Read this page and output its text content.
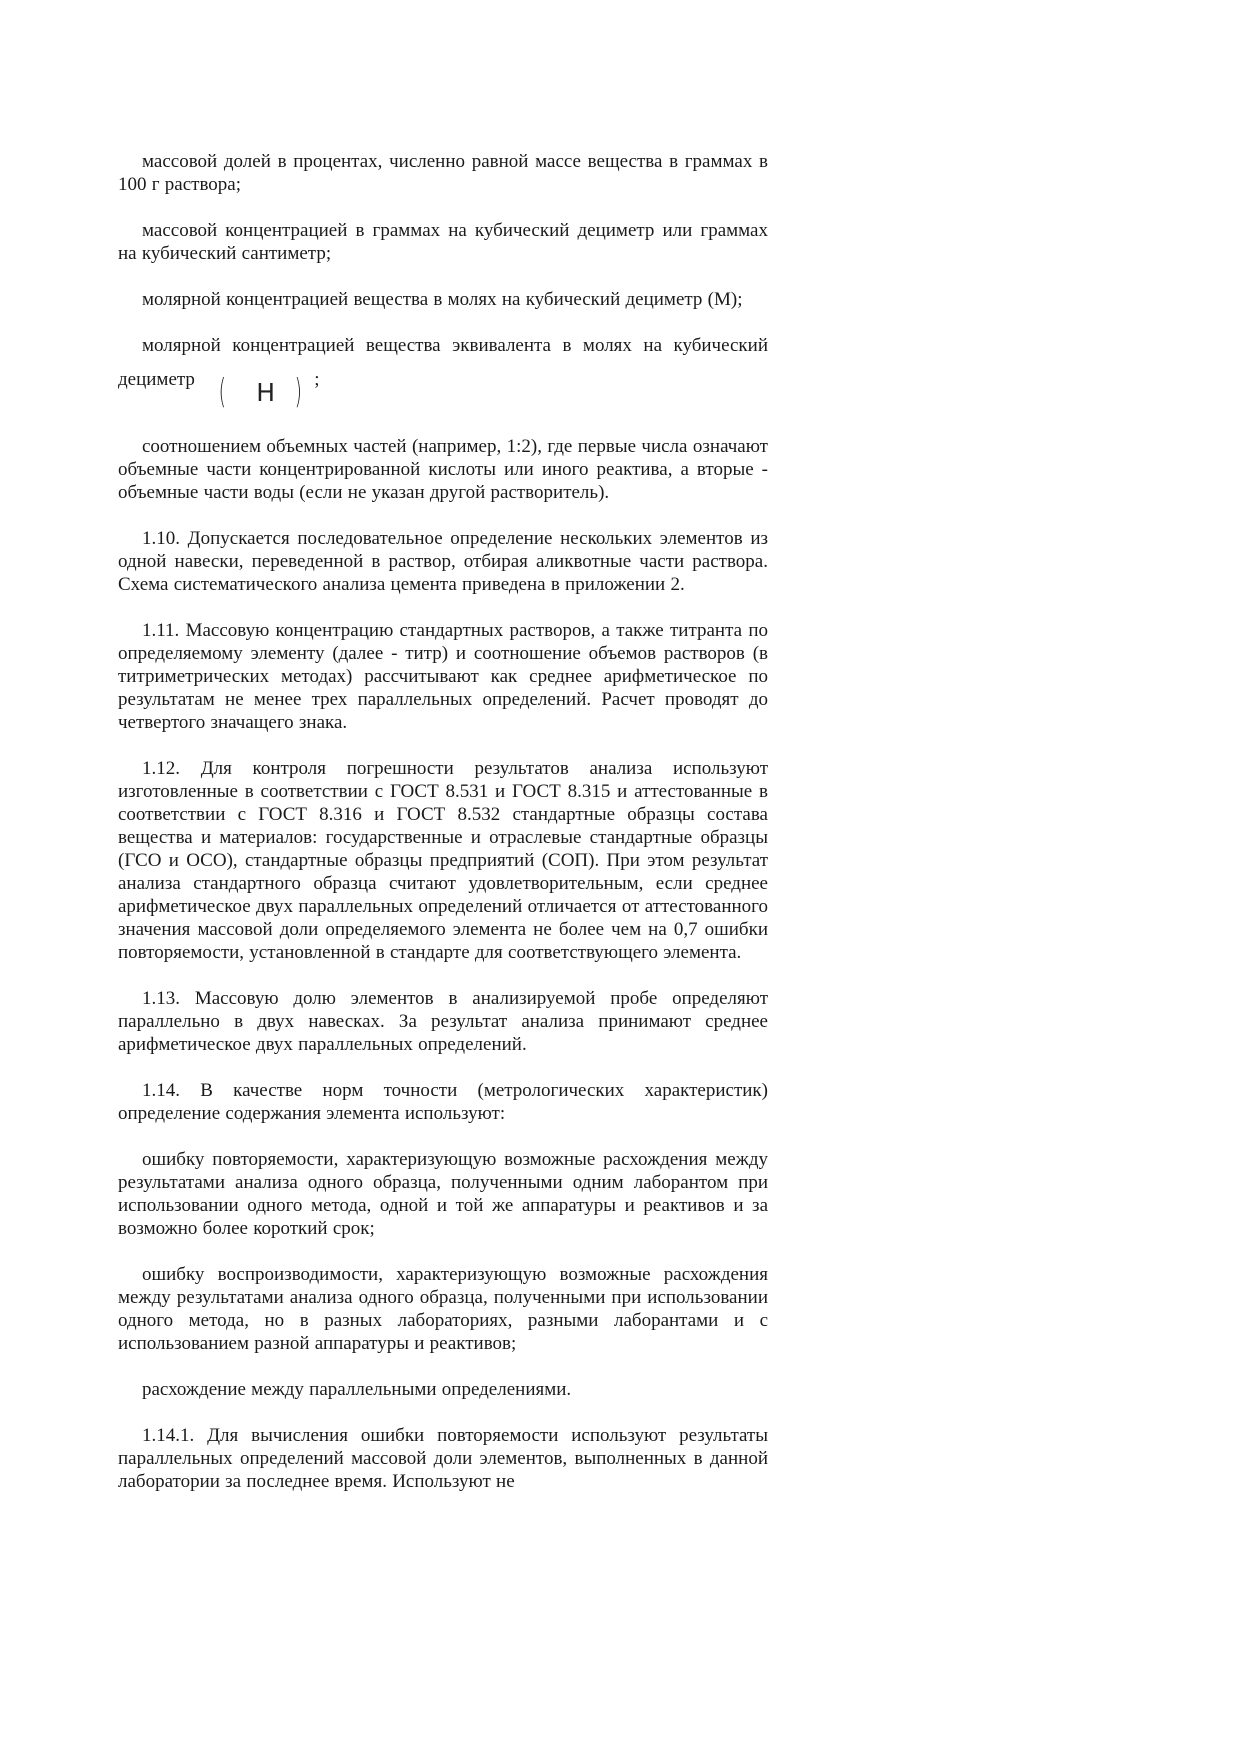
массовой долей в процентах, численно равной массе вещества в граммах в 100 г раствора;

массовой концентрацией в граммах на кубический дециметр или граммах на кубический сантиметр;

молярной концентрацией вещества в молях на кубический дециметр (М);

молярной концентрацией вещества эквивалента в молях на кубический дециметр (	Н ) ;

соотношением объемных частей (например, 1:2), где первые числа означают объемные части концентрированной кислоты или иного реактива, а вторые - объемные части воды (если не указан другой растворитель).

1.10. Допускается последовательное определение нескольких элементов из одной навески, переведенной в раствор, отбирая аликвотные части раствора. Схема систематического анализа цемента приведена в приложении 2.

1.11. Массовую концентрацию стандартных растворов, а также титранта по определяемому элементу (далее - титр) и соотношение объемов растворов (в титриметрических методах) рассчитывают как среднее арифметическое по результатам не менее трех параллельных определений. Расчет проводят до четвертого значащего знака.

1.12. Для контроля погрешности результатов анализа используют изготовленные в соответствии с ГОСТ 8.531 и ГОСТ 8.315 и аттестованные в соответствии с ГОСТ 8.316 и ГОСТ 8.532 стандартные образцы состава вещества и материалов: государственные и отраслевые стандартные образцы (ГСО и ОСО), стандартные образцы предприятий (СОП). При этом результат анализа стандартного образца считают удовлетворительным, если среднее арифметическое двух параллельных определений отличается от аттестованного значения массовой доли определяемого элемента не более чем на 0,7 ошибки повторяемости, установленной в стандарте для соответствующего элемента.

1.13. Массовую долю элементов в анализируемой пробе определяют параллельно в двух навесках. За результат анализа принимают среднее арифметическое двух параллельных определений.

1.14. В качестве норм точности (метрологических характеристик) определение содержания элемента используют:

ошибку повторяемости, характеризующую возможные расхождения между результатами анализа одного образца, полученными одним лаборантом при использовании одного метода, одной и той же аппаратуры и реактивов и за возможно более короткий срок;

ошибку воспроизводимости, характеризующую возможные расхождения между результатами анализа одного образца, полученными при использовании одного метода, но в разных лабораториях, разными лаборантами и с использованием разной аппаратуры и реактивов;

расхождение между параллельными определениями.

1.14.1. Для вычисления ошибки повторяемости используют результаты параллельных определений массовой доли элементов, выполненных в данной лаборатории за последнее время. Используют не
